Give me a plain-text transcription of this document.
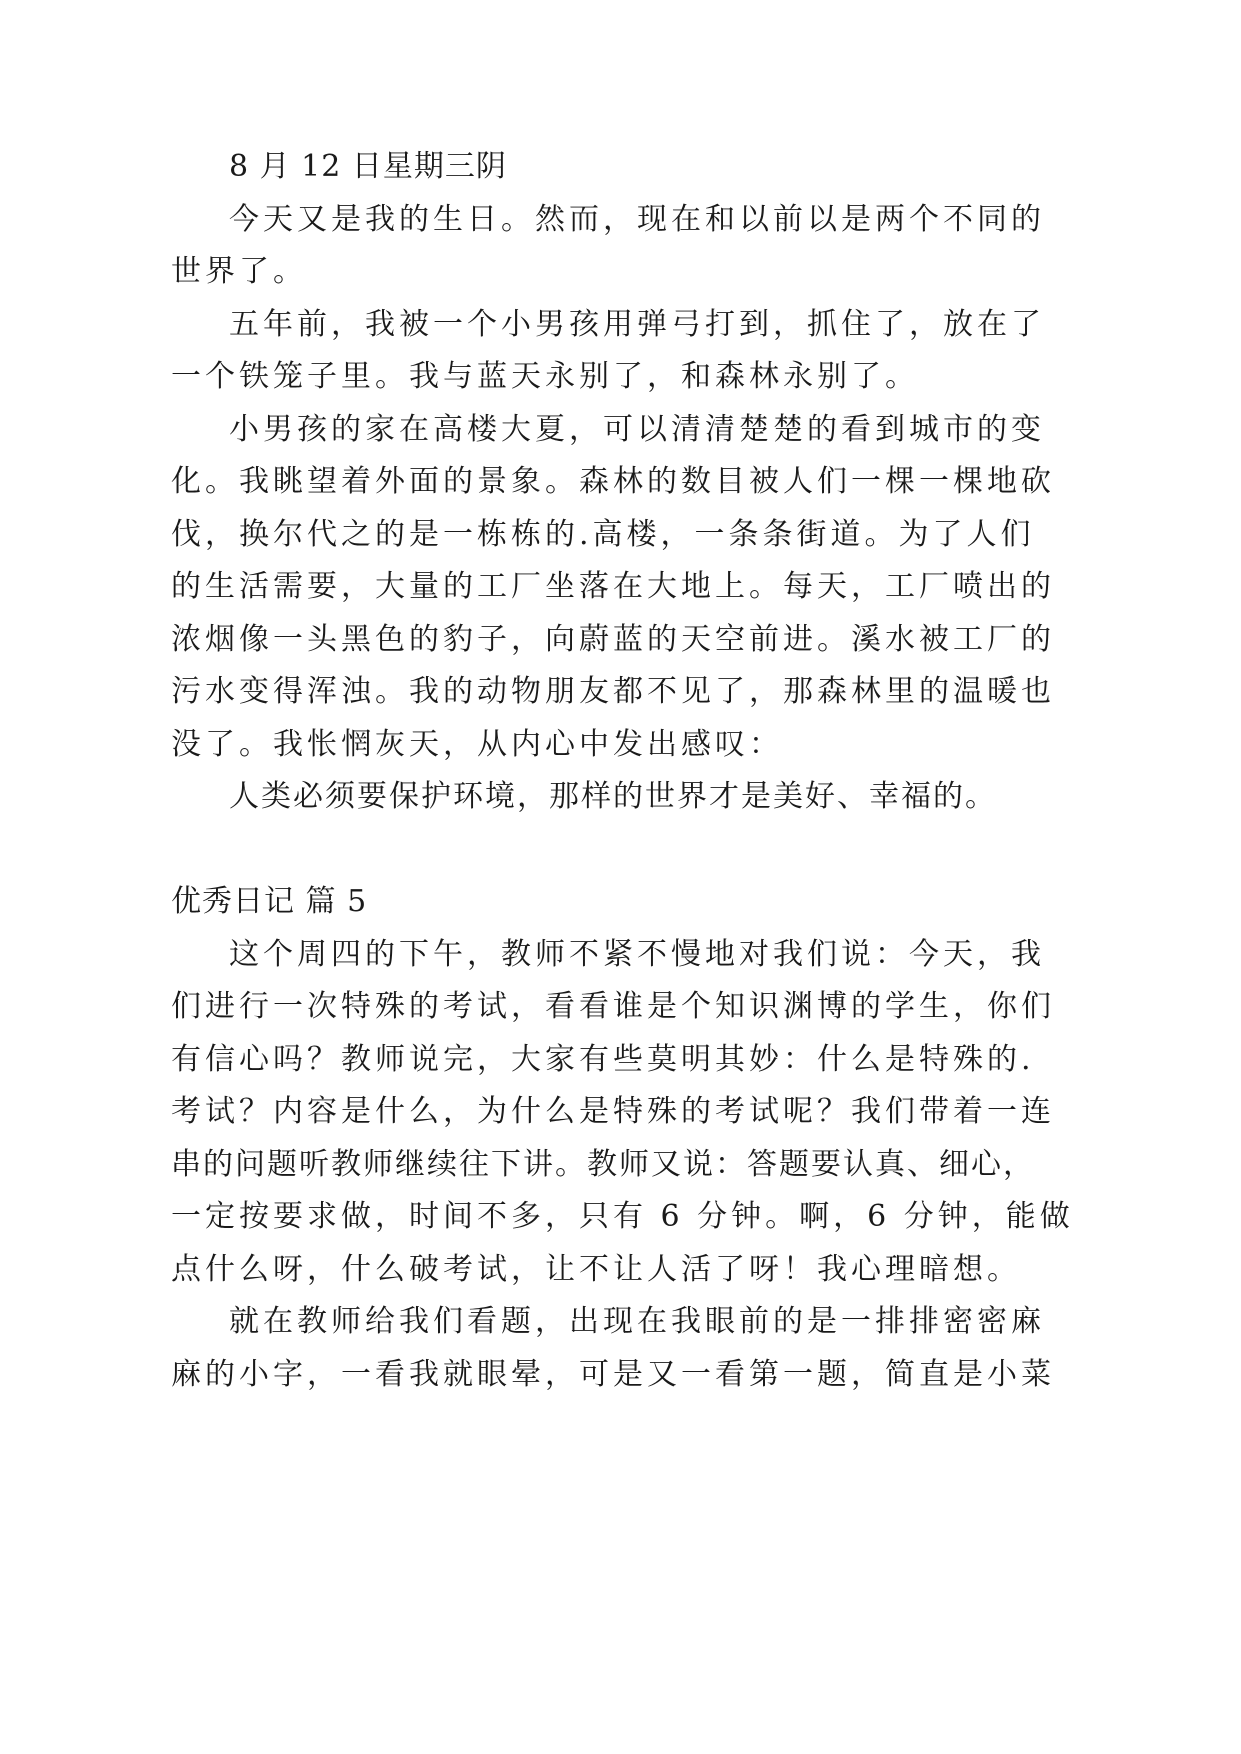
8 月 12 日星期三阴
今天又是我的生日。然而，现在和以前以是两个不同的
世界了。
五年前，我被一个小男孩用弹弓打到，抓住了，放在了
一个铁笼子里。我与蓝天永别了，和森林永别了。
小男孩的家在高楼大夏，可以清清楚楚的看到城市的变
化。我眺望着外面的景象。森林的数目被人们一棵一棵地砍
伐，换尔代之的是一栋栋的.高楼，一条条街道。为了人们
的生活需要，大量的工厂坐落在大地上。每天，工厂喷出的
浓烟像一头黑色的豹子，向蔚蓝的天空前进。溪水被工厂的
污水变得浑浊。我的动物朋友都不见了，那森林里的温暖也
没了。我怅惘灰天，从内心中发出感叹：
人类必须要保护环境，那样的世界才是美好、幸福的。
优秀日记 篇 5
这个周四的下午，教师不紧不慢地对我们说：今天，我
们进行一次特殊的考试，看看谁是个知识渊博的学生，你们
有信心吗？教师说完，大家有些莫明其妙：什么是特殊的.
考试？内容是什么，为什么是特殊的考试呢？我们带着一连
串的问题听教师继续往下讲。教师又说：答题要认真、细心，
一定按要求做，时间不多，只有 6 分钟。啊，6 分钟，能做
点什么呀，什么破考试，让不让人活了呀！我心理暗想。
就在教师给我们看题，出现在我眼前的是一排排密密麻
麻的小字，一看我就眼晕，可是又一看第一题，简直是小菜
